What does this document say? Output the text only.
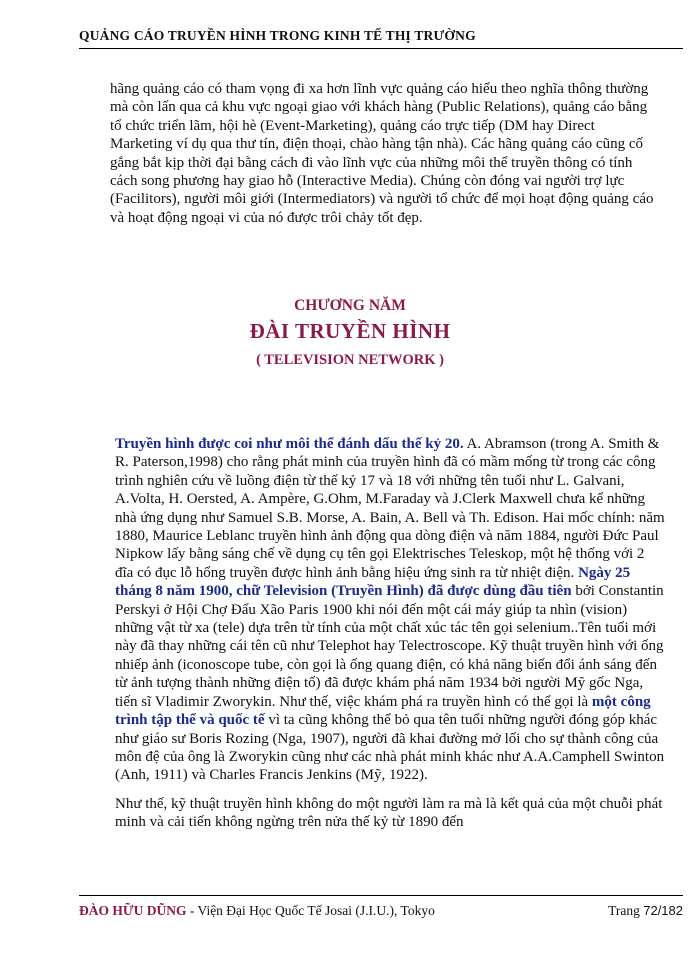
QUẢNG CÁO TRUYỀN HÌNH TRONG KINH TẾ THỊ TRƯỜNG
hãng quảng cáo có tham vọng đi xa hơn lĩnh vực quảng cáo hiểu theo nghĩa thông thường mà còn lấn qua cả khu vực ngoại giao với khách hàng (Public Relations), quảng cáo bằng tổ chức triển lãm, hội hè (Event-Marketing), quảng cáo trực tiếp (DM hay Direct Marketing ví dụ qua thư tín, điện thoại, chào hàng tận nhà). Các hãng quảng cáo cũng cố gắng bắt kịp thời đại bằng cách đi vào lĩnh vực của những môi thể truyền thông có tính cách song phương hay giao hỗ (Interactive Media). Chúng còn đóng vai người trợ lực (Facilitors), người môi giới (Intermediators) và người tổ chức để mọi hoạt động quảng cáo và hoạt động ngoại vi của nó được trôi chảy tốt đẹp.
CHƯƠNG NĂM
ĐÀI TRUYỀN HÌNH
( TELEVISION NETWORK )

Truyền hình được coi như môi thể đánh dấu thế kỷ 20. A. Abramson (trong A. Smith & R. Paterson,1998) cho rằng phát minh của truyền hình đã có mầm mống từ trong các công trình nghiên cứu về luồng điện từ thế kỷ 17 và 18 với những tên tuổi như L. Galvani, A.Volta, H. Oersted, A. Ampère, G.Ohm, M.Faraday và J.Clerk Maxwell chưa kể những nhà ứng dụng như Samuel S.B. Morse, A. Bain, A. Bell và Th. Edison. Hai mốc chính: năm 1880, Maurice Leblanc truyền hình ảnh động qua dòng điện và năm 1884, người Đức Paul Nipkow lấy bằng sáng chế về dụng cụ tên gọi Elektrisches Teleskop, một hệ thống với 2 đĩa có đục lỗ hổng truyền được hình ảnh bằng hiệu ứng sinh ra từ nhiệt điện. Ngày 25 tháng 8 năm 1900, chữ Television (Truyền Hình) đã được dùng đầu tiên bởi Constantin Perskyi ở Hội Chợ Đấu Xão Paris 1900 khi nói đến một cái máy giúp ta nhìn (vision) những vật từ xa (tele) dựa trên từ tính của một chất xúc tác tên gọi selenium..Tên tuổi mới này đã thay những cái tên cũ như Telephot hay Telectroscope. Kỹ thuật truyền hình với ống nhiếp ảnh (iconoscope tube, còn gọi là ống quang điện, có khả năng biến đổi ánh sáng đến từ ảnh tượng thành những điện tố) đã được khám phá năm 1934 bởi người Mỹ gốc Nga, tiến sĩ Vladimir Zworykin. Như thế, việc khám phá ra truyền hình có thể gọi là một công trình tập thể và quốc tế vì ta cũng không thể bỏ qua tên tuổi những người đóng góp khác như giáo sư Boris Rozing (Nga, 1907), người đã khai đường mở lối cho sự thành công của môn đệ của ông là Zworykin cũng như các nhà phát minh khác như A.A.Camphell Swinton (Anh, 1911) và Charles Francis Jenkins (Mỹ, 1922).

Như thế, kỹ thuật truyền hình không do một người làm ra mà là kết quả của một chuỗi phát minh và cải tiến không ngừng trên nửa thế kỷ từ 1890 đến

ĐÀO HỮU DŨNG - Viện Đại Học Quốc Tế Josai (J.I.U.), Tokyo	Trang 72/182
